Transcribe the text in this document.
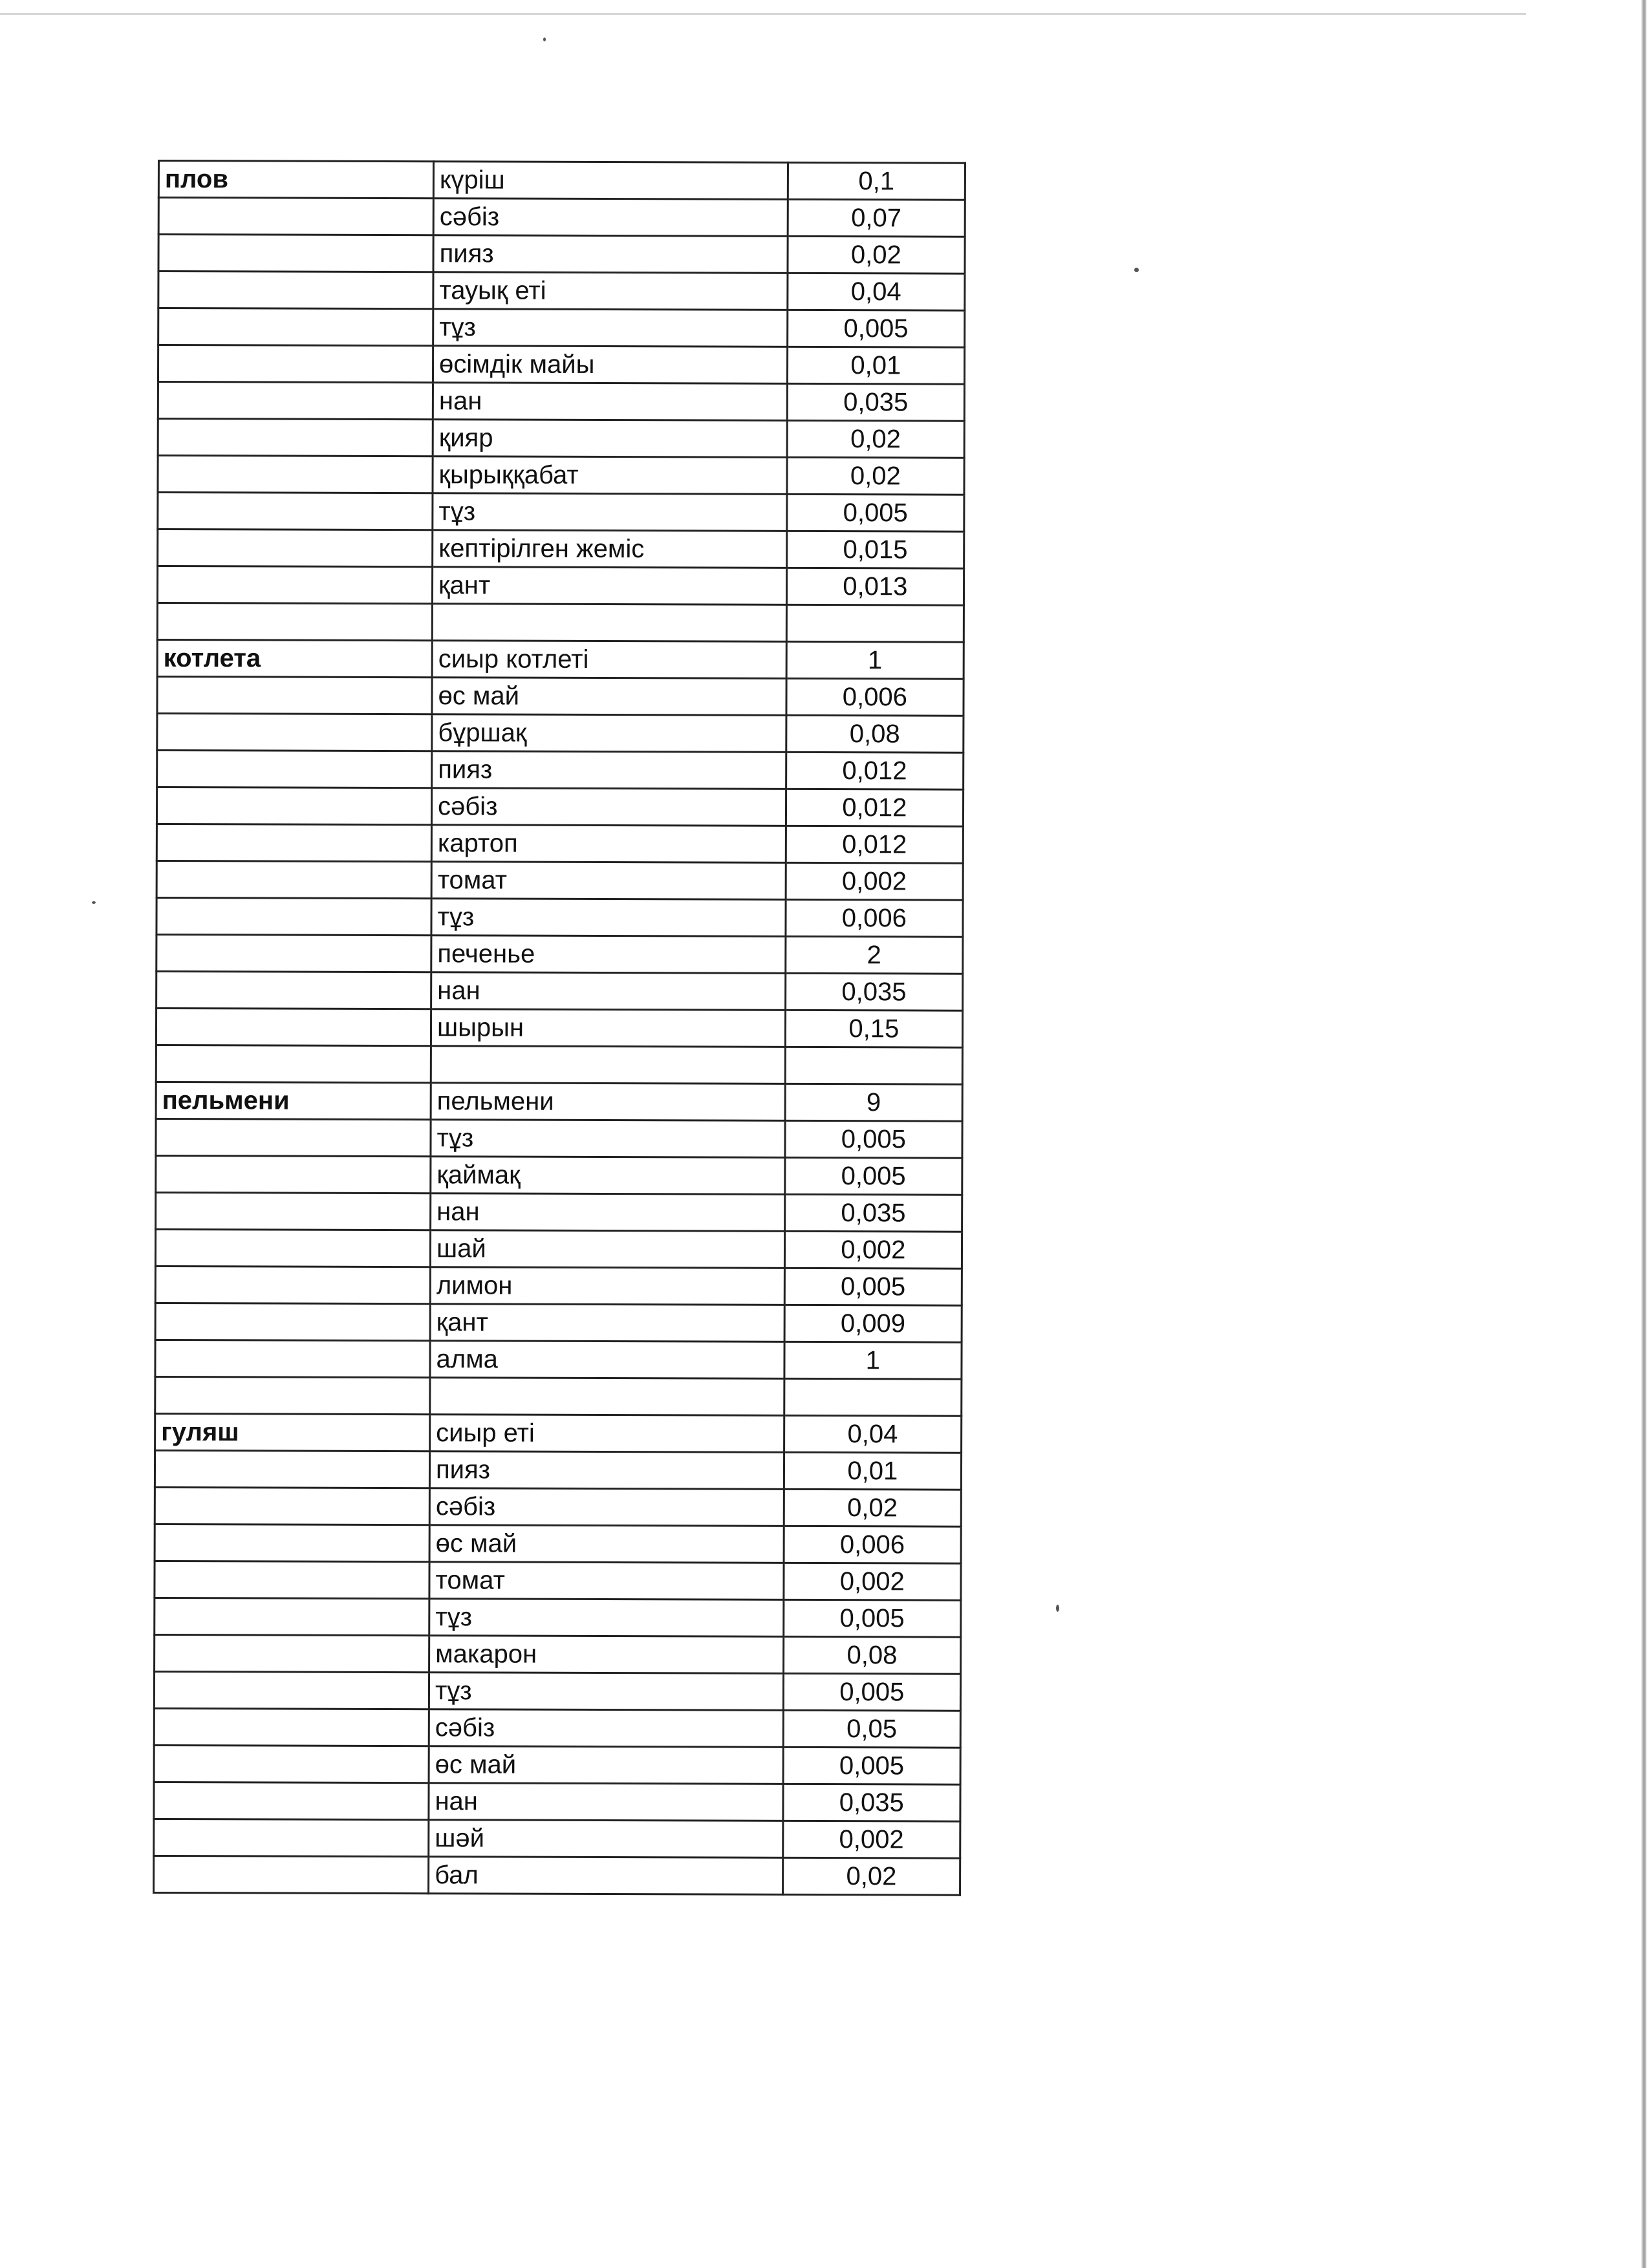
плов	күріш	0,1
	сәбіз	0,07
	пияз	0,02
	тауық еті	0,04
	тұз	0,005
	өсімдік майы	0,01
	нан	0,035
	қияр	0,02
	қырыққабат	0,02
	тұз	0,005
	кептірілген жеміс	0,015
	қант	0,013

котлета	сиыр котлеті	1
	өс май	0,006
	бұршақ	0,08
	пияз	0,012
	сәбіз	0,012
	картоп	0,012
	томат	0,002
	тұз	0,006
	печенье	2
	нан	0,035
	шырын	0,15

пельмени	пельмени	9
	тұз	0,005
	қаймақ	0,005
	нан	0,035
	шай	0,002
	лимон	0,005
	қант	0,009
	алма	1

гуляш	сиыр еті	0,04
	пияз	0,01
	сәбіз	0,02
	өс май	0,006
	томат	0,002
	тұз	0,005
	макарон	0,08
	тұз	0,005
	сәбіз	0,05
	өс май	0,005
	нан	0,035
	шәй	0,002
	бал	0,02
